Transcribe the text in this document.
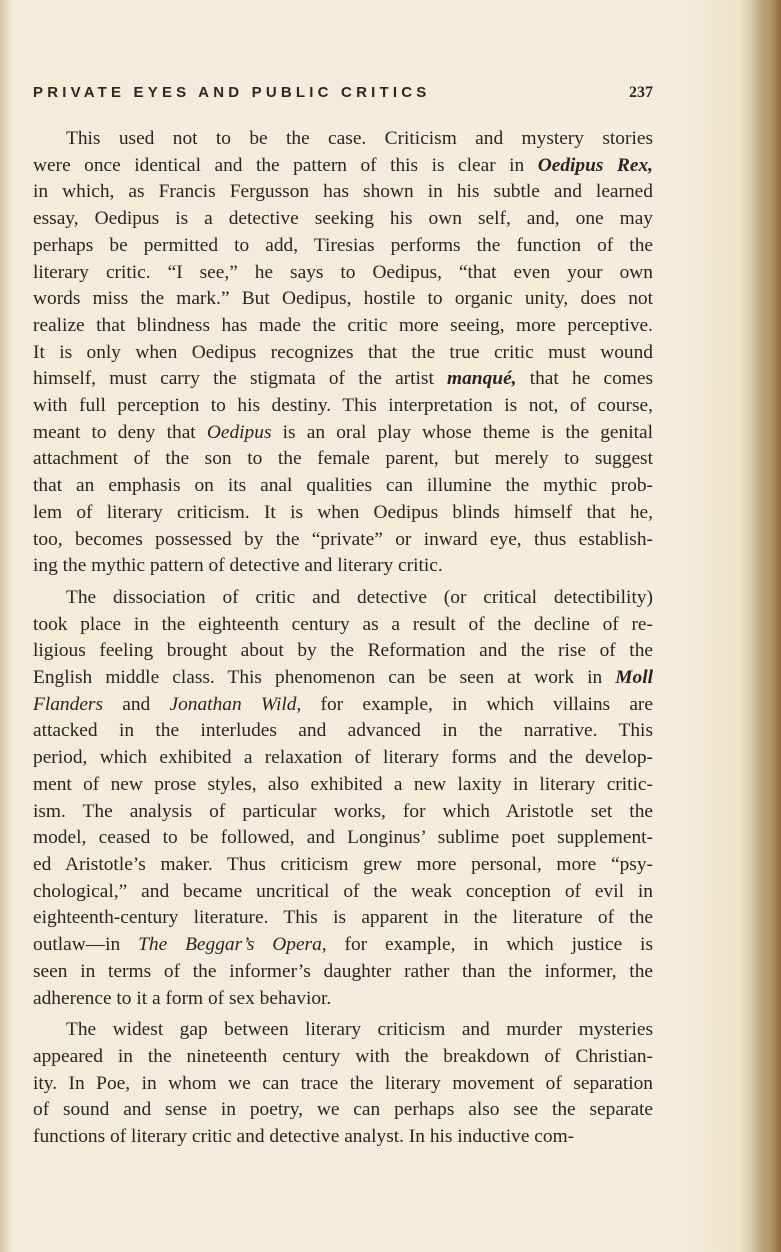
PRIVATE EYES AND PUBLIC CRITICS	237
This used not to be the case. Criticism and mystery stories
were once identical and the pattern of this is clear in Oedipus Rex,
in which, as Francis Fergusson has shown in his subtle and learned
essay, Oedipus is a detective seeking his own self, and, one may
perhaps be permitted to add, Tiresias performs the function of the
literary critic. “I see,” he says to Oedipus, “that even your own
words miss the mark.” But Oedipus, hostile to organic unity, does not
realize that blindness has made the critic more seeing, more perceptive.
It is only when Oedipus recognizes that the true critic must wound
himself, must carry the stigmata of the artist manqué, that he comes
with full perception to his destiny. This interpretation is not, of course,
meant to deny that Oedipus is an oral play whose theme is the genital
attachment of the son to the female parent, but merely to suggest
that an emphasis on its anal qualities can illumine the mythic prob-
lem of literary criticism. It is when Oedipus blinds himself that he,
too, becomes possessed by the “private” or inward eye, thus establish-
ing the mythic pattern of detective and literary critic.
The dissociation of critic and detective (or critical detectibility)
took place in the eighteenth century as a result of the decline of re-
ligious feeling brought about by the Reformation and the rise of the
English middle class. This phenomenon can be seen at work in Moll
Flanders and Jonathan Wild, for example, in which villains are
attacked in the interludes and advanced in the narrative. This
period, which exhibited a relaxation of literary forms and the develop-
ment of new prose styles, also exhibited a new laxity in literary critic-
ism. The analysis of particular works, for which Aristotle set the
model, ceased to be followed, and Longinus’ sublime poet supplement-
ed Aristotle’s maker. Thus criticism grew more personal, more “psy-
chological,” and became uncritical of the weak conception of evil in
eighteenth-century literature. This is apparent in the literature of the
outlaw—in The Beggar’s Opera, for example, in which justice is
seen in terms of the informer’s daughter rather than the informer, the
adherence to it a form of sex behavior.
The widest gap between literary criticism and murder mysteries
appeared in the nineteenth century with the breakdown of Christian-
ity. In Poe, in whom we can trace the literary movement of separation
of sound and sense in poetry, we can perhaps also see the separate
functions of literary critic and detective analyst. In his inductive com-
